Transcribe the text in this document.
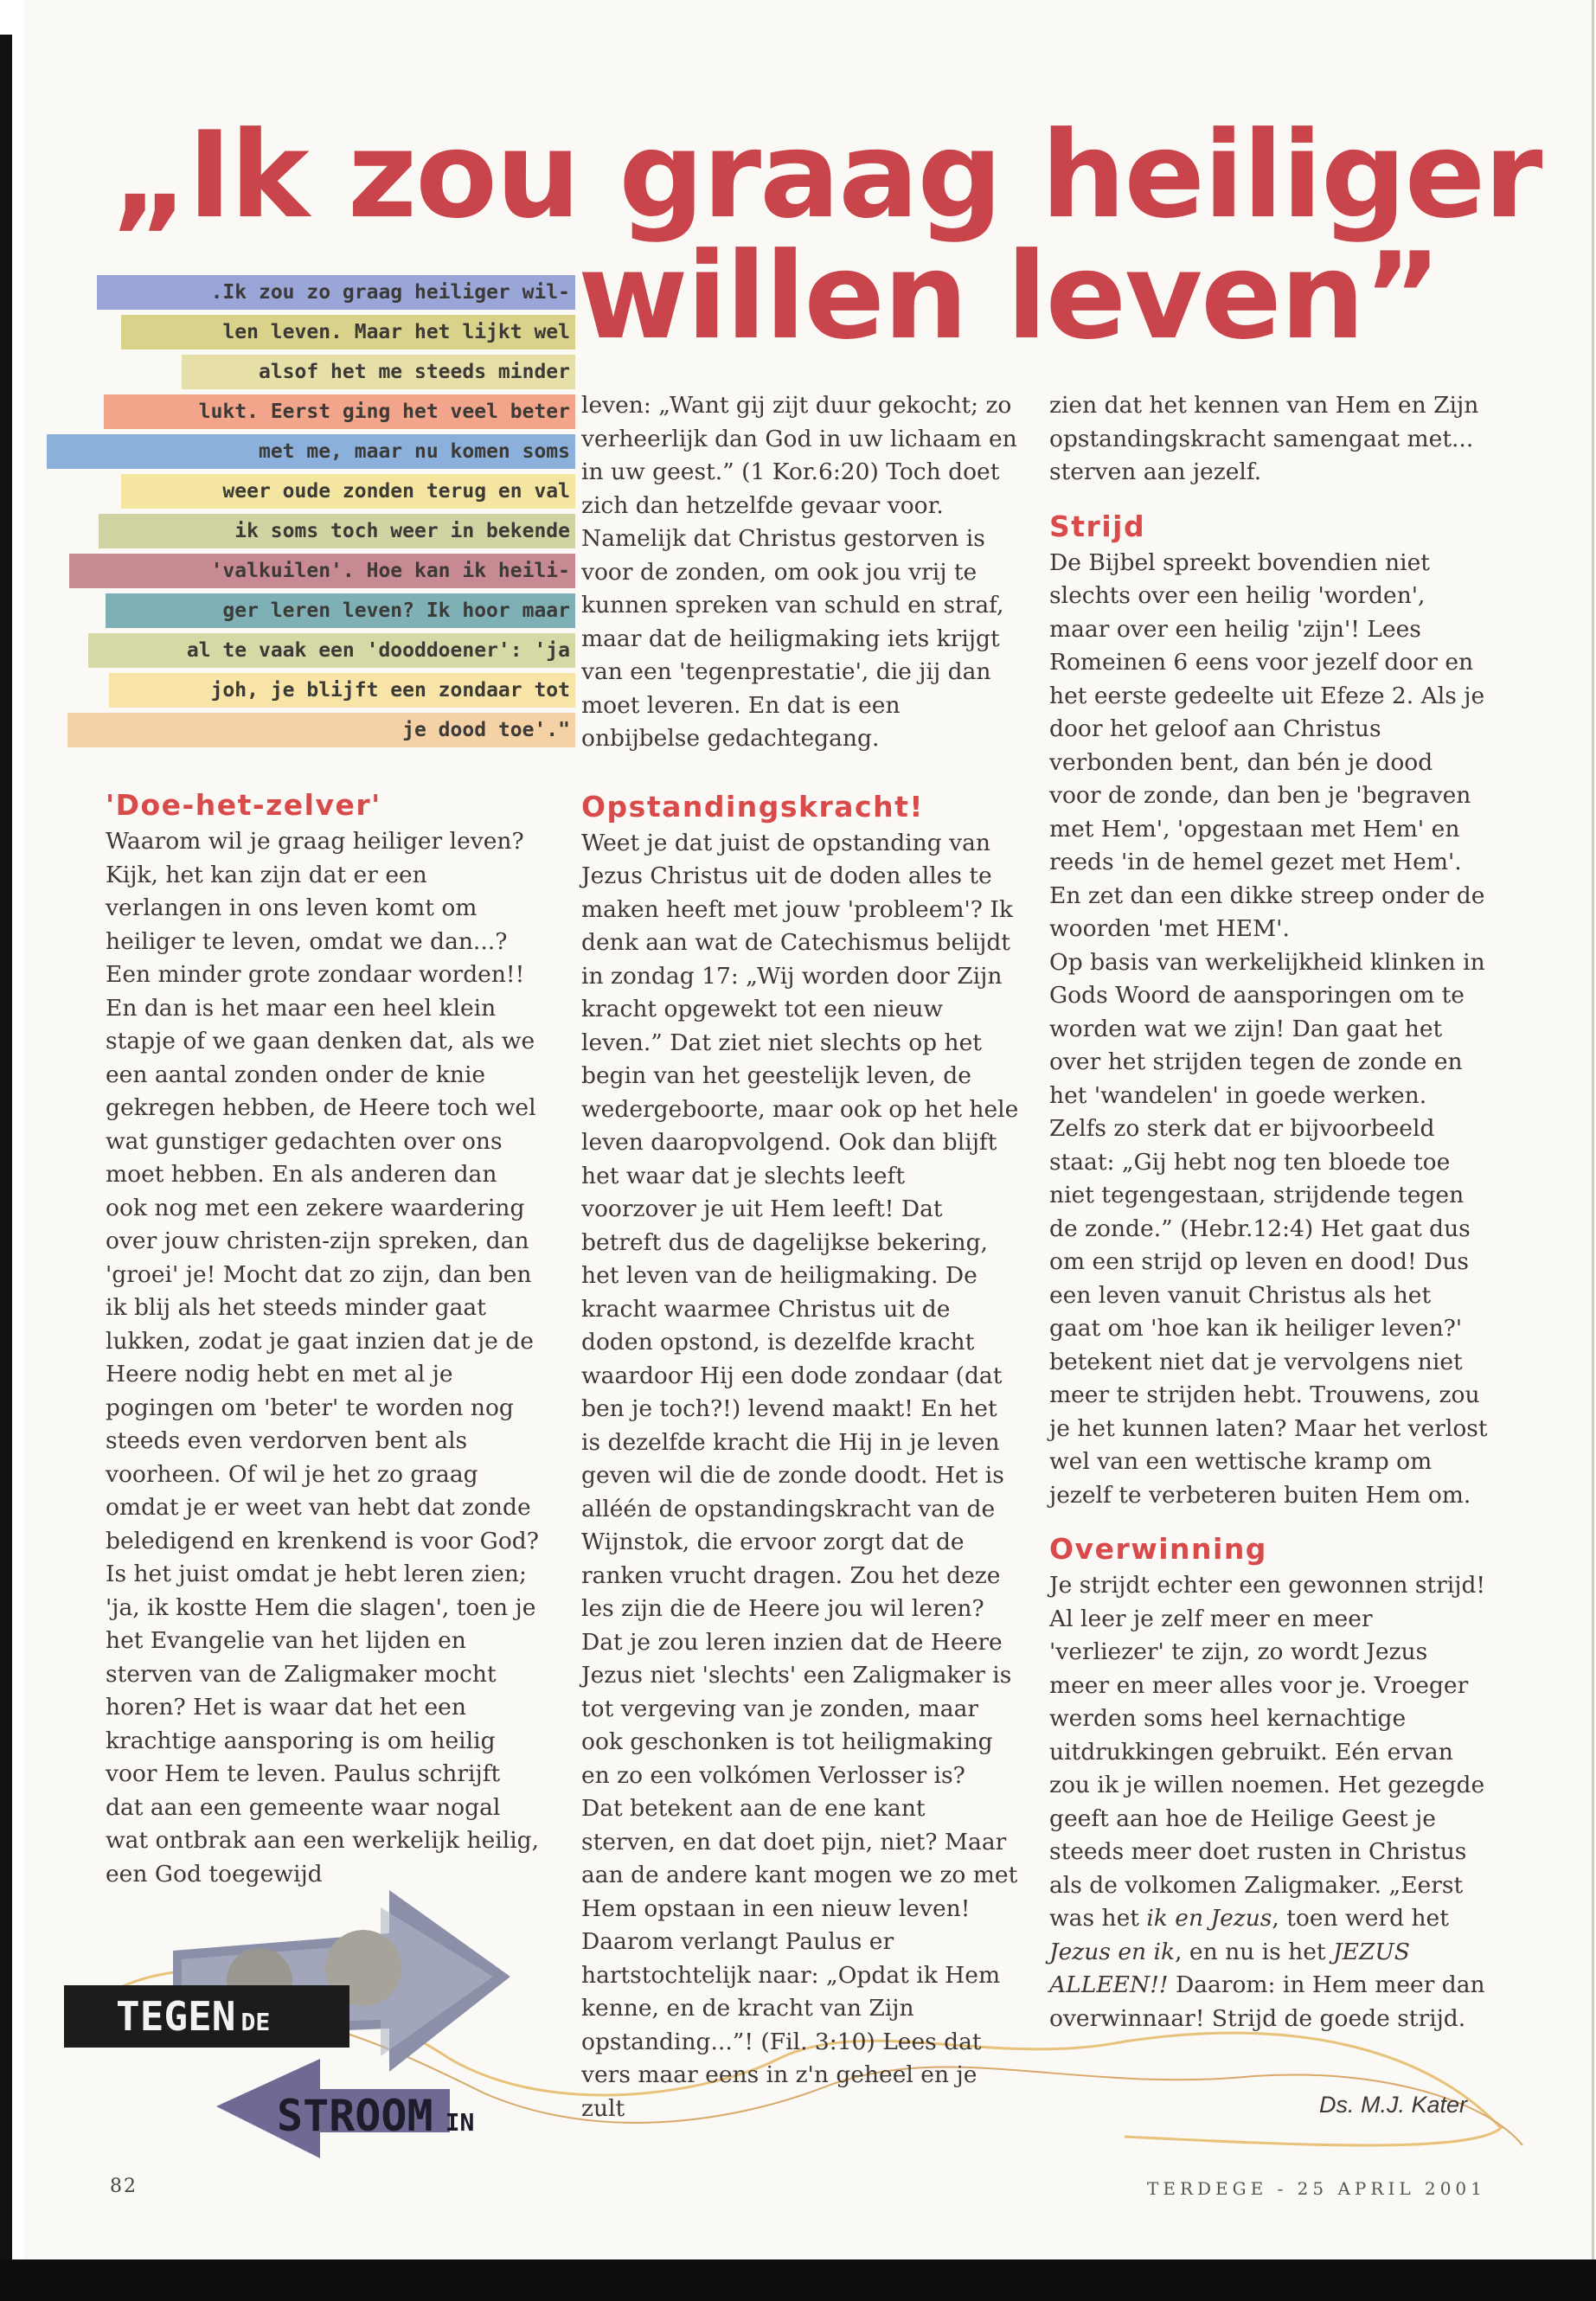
„Ik zou graag heiliger
willen leven”
.Ik zou zo graag heiliger wil-
len leven. Maar het lijkt wel
alsof het me steeds minder
lukt. Eerst ging het veel beter
met me, maar nu komen soms
weer oude zonden terug en val
ik soms toch weer in bekende
'valkuilen'. Hoe kan ik heili-
ger leren leven? Ik hoor maar
al te vaak een 'dooddoener': 'ja
joh, je blijft een zondaar tot
je dood toe'."
'Doe-het-zelver'

Waarom wil je graag heiliger leven? Kijk, het kan zijn dat er een verlangen in ons leven komt om heiliger te leven, omdat we dan...? Een minder grote zondaar worden!! En dan is het maar een heel klein stapje of we gaan denken dat, als we een aantal zonden onder de knie gekregen hebben, de Heere toch wel wat gunstiger gedachten over ons moet hebben. En als anderen dan ook nog met een zekere waardering over jouw christen-zijn spreken, dan 'groei' je! Mocht dat zo zijn, dan ben ik blij als het steeds minder gaat lukken, zodat je gaat inzien dat je de Heere nodig hebt en met al je pogingen om 'beter' te worden nog steeds even verdorven bent als voorheen. Of wil je het zo graag omdat je er weet van hebt dat zonde beledigend en krenkend is voor God? Is het juist omdat je hebt leren zien; 'ja, ik kostte Hem die slagen', toen je het Evangelie van het lijden en sterven van de Zaligmaker mocht horen? Het is waar dat het een krachtige aansporing is om heilig voor Hem te leven. Paulus schrijft dat aan een gemeente waar nogal wat ontbrak aan een werkelijk heilig, een God toegewijd

leven: „Want gij zijt duur gekocht; zo verheerlijk dan God in uw lichaam en in uw geest.” (1 Kor.6:20) Toch doet zich dan hetzelfde gevaar voor. Namelijk dat Christus gestorven is voor de zonden, om ook jou vrij te kunnen spreken van schuld en straf, maar dat de heiligmaking iets krijgt van een 'tegenprestatie', die jij dan moet leveren. En dat is een onbijbelse gedachtegang.

Opstandingskracht!

Weet je dat juist de opstanding van Jezus Christus uit de doden alles te maken heeft met jouw 'probleem'? Ik denk aan wat de Catechismus belijdt in zondag 17: „Wij worden door Zijn kracht opgewekt tot een nieuw leven.” Dat ziet niet slechts op het begin van het geestelijk leven, de wedergeboorte, maar ook op het hele leven daaropvolgend. Ook dan blijft het waar dat je slechts leeft voorzover je uit Hem leeft! Dat betreft dus de dagelijkse bekering, het leven van de heiligmaking. De kracht waarmee Christus uit de doden opstond, is dezelfde kracht waardoor Hij een dode zondaar (dat ben je toch?!) levend maakt! En het is dezelfde kracht die Hij in je leven geven wil die de zonde doodt. Het is alléén de opstandingskracht van de Wijnstok, die ervoor zorgt dat de ranken vrucht dragen. Zou het deze les zijn die de Heere jou wil leren? Dat je zou leren inzien dat de Heere Jezus niet 'slechts' een Zaligmaker is tot vergeving van je zonden, maar ook geschonken is tot heiligmaking en zo een volkómen Verlosser is?

Dat betekent aan de ene kant sterven, en dat doet pijn, niet? Maar aan de andere kant mogen we zo met Hem opstaan in een nieuw leven! Daarom verlangt Paulus er hartstochtelijk naar: „Opdat ik Hem kenne, en de kracht van Zijn opstanding...”! (Fil. 3:10) Lees dat vers maar eens in z'n geheel en je zult

zien dat het kennen van Hem en Zijn opstandingskracht samengaat met... sterven aan jezelf.

Strijd

De Bijbel spreekt bovendien niet slechts over een heilig 'worden', maar over een heilig 'zijn'! Lees Romeinen 6 eens voor jezelf door en het eerste gedeelte uit Efeze 2. Als je door het geloof aan Christus verbonden bent, dan bén je dood voor de zonde, dan ben je 'begraven met Hem', 'opgestaan met Hem' en reeds 'in de hemel gezet met Hem'. En zet dan een dikke streep onder de woorden 'met HEM'.

Op basis van werkelijkheid klinken in Gods Woord de aansporingen om te worden wat we zijn! Dan gaat het over het strijden tegen de zonde en het 'wandelen' in goede werken. Zelfs zo sterk dat er bijvoorbeeld staat: „Gij hebt nog ten bloede toe niet tegengestaan, strijdende tegen de zonde.” (Hebr.12:4) Het gaat dus om een strijd op leven en dood! Dus een leven vanuit Christus als het gaat om 'hoe kan ik heiliger leven?' betekent niet dat je vervolgens niet meer te strijden hebt. Trouwens, zou je het kunnen laten? Maar het verlost wel van een wettische kramp om jezelf te verbeteren buiten Hem om.

Overwinning

Je strijdt echter een gewonnen strijd! Al leer je zelf meer en meer 'verliezer' te zijn, zo wordt Jezus meer en meer alles voor je. Vroeger werden soms heel kernachtige uitdrukkingen gebruikt. Eén ervan zou ik je willen noemen. Het gezegde geeft aan hoe de Heilige Geest je steeds meer doet rusten in Christus als de volkomen Zaligmaker. „Eerst was het ik en Jezus, toen werd het Jezus en ik, en nu is het JEZUS ALLEEN!! Daarom: in Hem meer dan overwinnaar! Strijd de goede strijd.

Ds. M.J. Kater
TEGEN DE
STROOM IN
82	TERDEGE - 25 APRIL 2001
